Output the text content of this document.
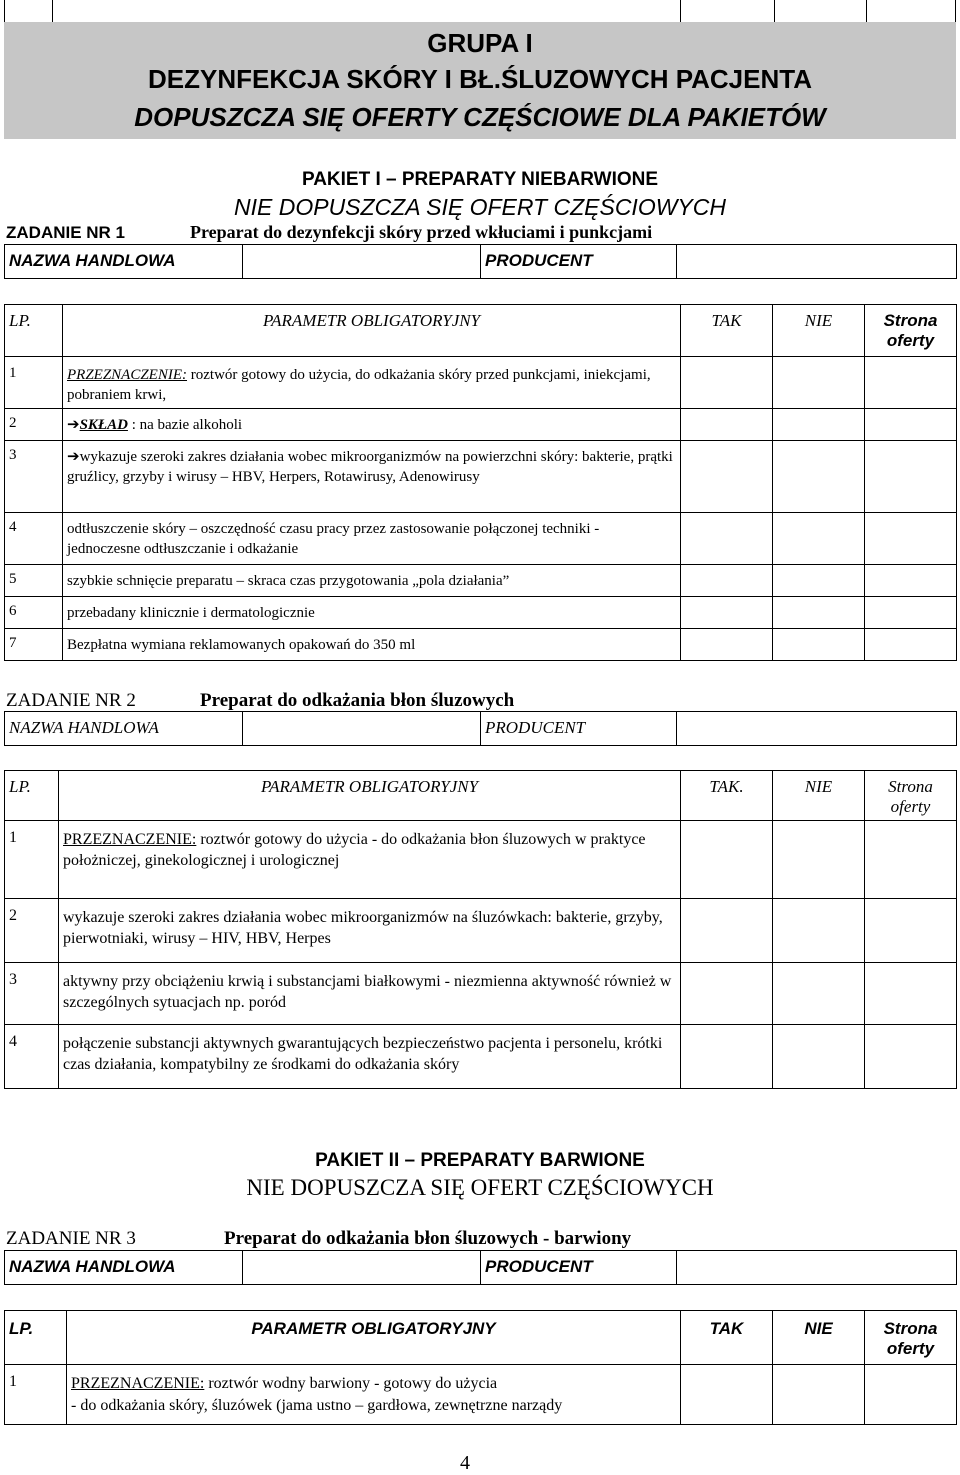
GRUPA I
DEZYNFEKCJA SKÓRY I BŁ.ŚLUZOWYCH PACJENTA
DOPUSZCZA SIĘ OFERTY CZĘŚCIOWE DLA PAKIETÓW
PAKIET I – PREPARATY NIEBARWIONE
NIE DOPUSZCZA SIĘ OFERT CZĘŚCIOWYCH
ZADANIE NR 1	Preparat do dezynfekcji skóry przed wkłuciami i punkcjami
NAZWA HANDLOWA		PRODUCENT	
LP.	PARAMETR OBLIGATORYJNY	TAK	NIE	Strona oferty
1	PRZEZNACZENIE: roztwór gotowy do użycia, do odkażania skóry przed punkcjami, iniekcjami, pobraniem krwi,			
2	➔SKŁAD : na bazie alkoholi			
3	➔wykazuje szeroki zakres działania wobec mikroorganizmów na powierzchni skóry: bakterie, prątki gruźlicy, grzyby i wirusy – HBV, Herpers, Rotawirusy, Adenowirusy			
4	odtłuszczenie skóry – oszczędność czasu pracy przez zastosowanie połączonej techniki - jednoczesne odtłuszczanie i odkażanie			
5	szybkie schnięcie preparatu – skraca czas przygotowania „pola działania”			
6	przebadany klinicznie i dermatologicznie			
7	Bezpłatna wymiana reklamowanych opakowań do 350 ml			
ZADANIE NR 2	Preparat do odkażania błon śluzowych
NAZWA HANDLOWA		PRODUCENT	
LP.	PARAMETR OBLIGATORYJNY	TAK.	NIE	Strona oferty
1	PRZEZNACZENIE: roztwór gotowy do użycia - do odkażania błon śluzowych w praktyce położniczej, ginekologicznej i urologicznej			
2	wykazuje szeroki zakres działania wobec mikroorganizmów na śluzówkach: bakterie, grzyby, pierwotniaki, wirusy – HIV, HBV, Herpes			
3	aktywny przy obciążeniu krwią i substancjami białkowymi - niezmienna aktywność również w szczególnych sytuacjach np. poród			
4	połączenie substancji aktywnych gwarantujących bezpieczeństwo pacjenta i personelu, krótki czas działania, kompatybilny ze środkami do odkażania skóry			
PAKIET II – PREPARATY BARWIONE
NIE DOPUSZCZA SIĘ OFERT CZĘŚCIOWYCH
ZADANIE NR 3	Preparat do odkażania błon śluzowych - barwiony
NAZWA HANDLOWA		PRODUCENT	
LP.	PARAMETR OBLIGATORYJNY	TAK	NIE	Strona oferty
1	PRZEZNACZENIE: roztwór wodny barwiony - gotowy do użycia
- do odkażania skóry, śluzówek (jama ustno – gardłowa, zewnętrzne narządy			
4
